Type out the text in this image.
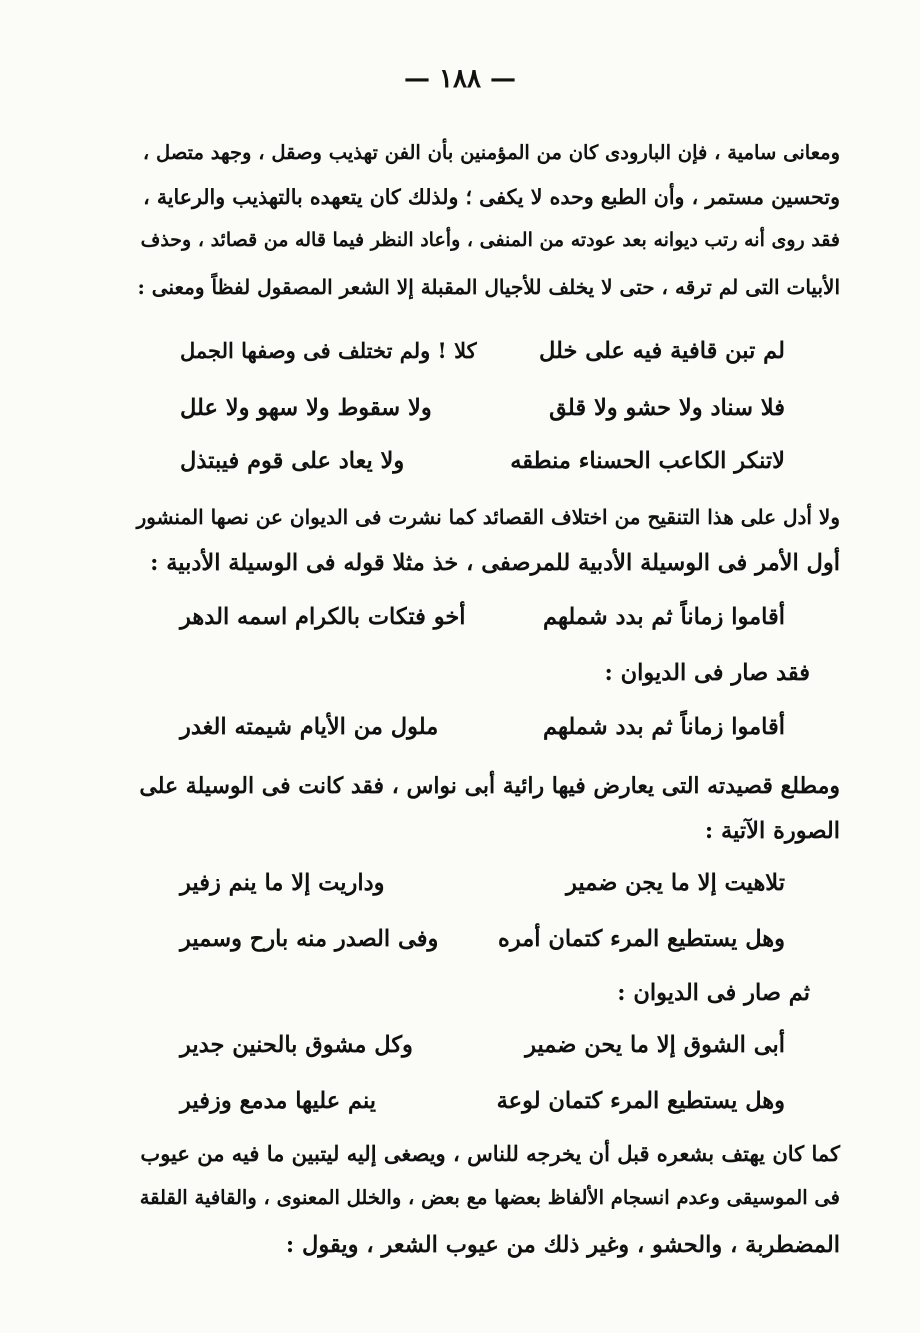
— ١٨٨ —
ومعانى سامية ، فإن البارودى كان من المؤمنين بأن الفن تهذيب وصقل ، وجهد متصل ،
وتحسين مستمر ، وأن الطبع وحده لا يكفى ؛ ولذلك كان يتعهده بالتهذيب والرعاية ،
فقد روى أنه رتب ديوانه بعد عودته من المنفى ، وأعاد النظر فيما قاله من قصائد ، وحذف
الأبيات التى لم ترقه ، حتى لا يخلف للأجيال المقبلة إلا الشعر المصقول لفظاً ومعنى :
لم تبن قافية فيه على خلل
كلا ! ولم تختلف فى وصفها الجمل
فلا سناد ولا حشو ولا قلق
ولا سقوط ولا سهو ولا علل
لاتنكر الكاعب الحسناء منطقه
ولا يعاد على قوم فيبتذل
ولا أدل على هذا التنقيح من اختلاف القصائد كما نشرت فى الديوان عن نصها المنشور
أول الأمر فى الوسيلة الأدبية للمرصفى ، خذ مثلا قوله فى الوسيلة الأدبية :
أقاموا زماناً ثم بدد شملهم
أخو فتكات بالكرام اسمه الدهر
فقد صار فى الديوان :
أقاموا زماناً ثم بدد شملهم
ملول من الأيام شيمته الغدر
ومطلع قصيدته التى يعارض فيها رائية أبى نواس ، فقد كانت فى الوسيلة على
الصورة الآتية :
تلاهيت إلا ما يجن ضمير
وداريت إلا ما ينم زفير
وهل يستطيع المرء كتمان أمره
وفى الصدر منه بارح وسمير
ثم صار فى الديوان :
أبى الشوق إلا ما يحن ضمير
وكل مشوق بالحنين جدير
وهل يستطيع المرء كتمان لوعة
ينم عليها مدمع وزفير
كما كان يهتف بشعره قبل أن يخرجه للناس ، ويصغى إليه ليتبين ما فيه من عيوب
فى الموسيقى وعدم انسجام الألفاظ بعضها مع بعض ، والخلل المعنوى ، والقافية القلقة
المضطربة ، والحشو ، وغير ذلك من عيوب الشعر ، ويقول :
